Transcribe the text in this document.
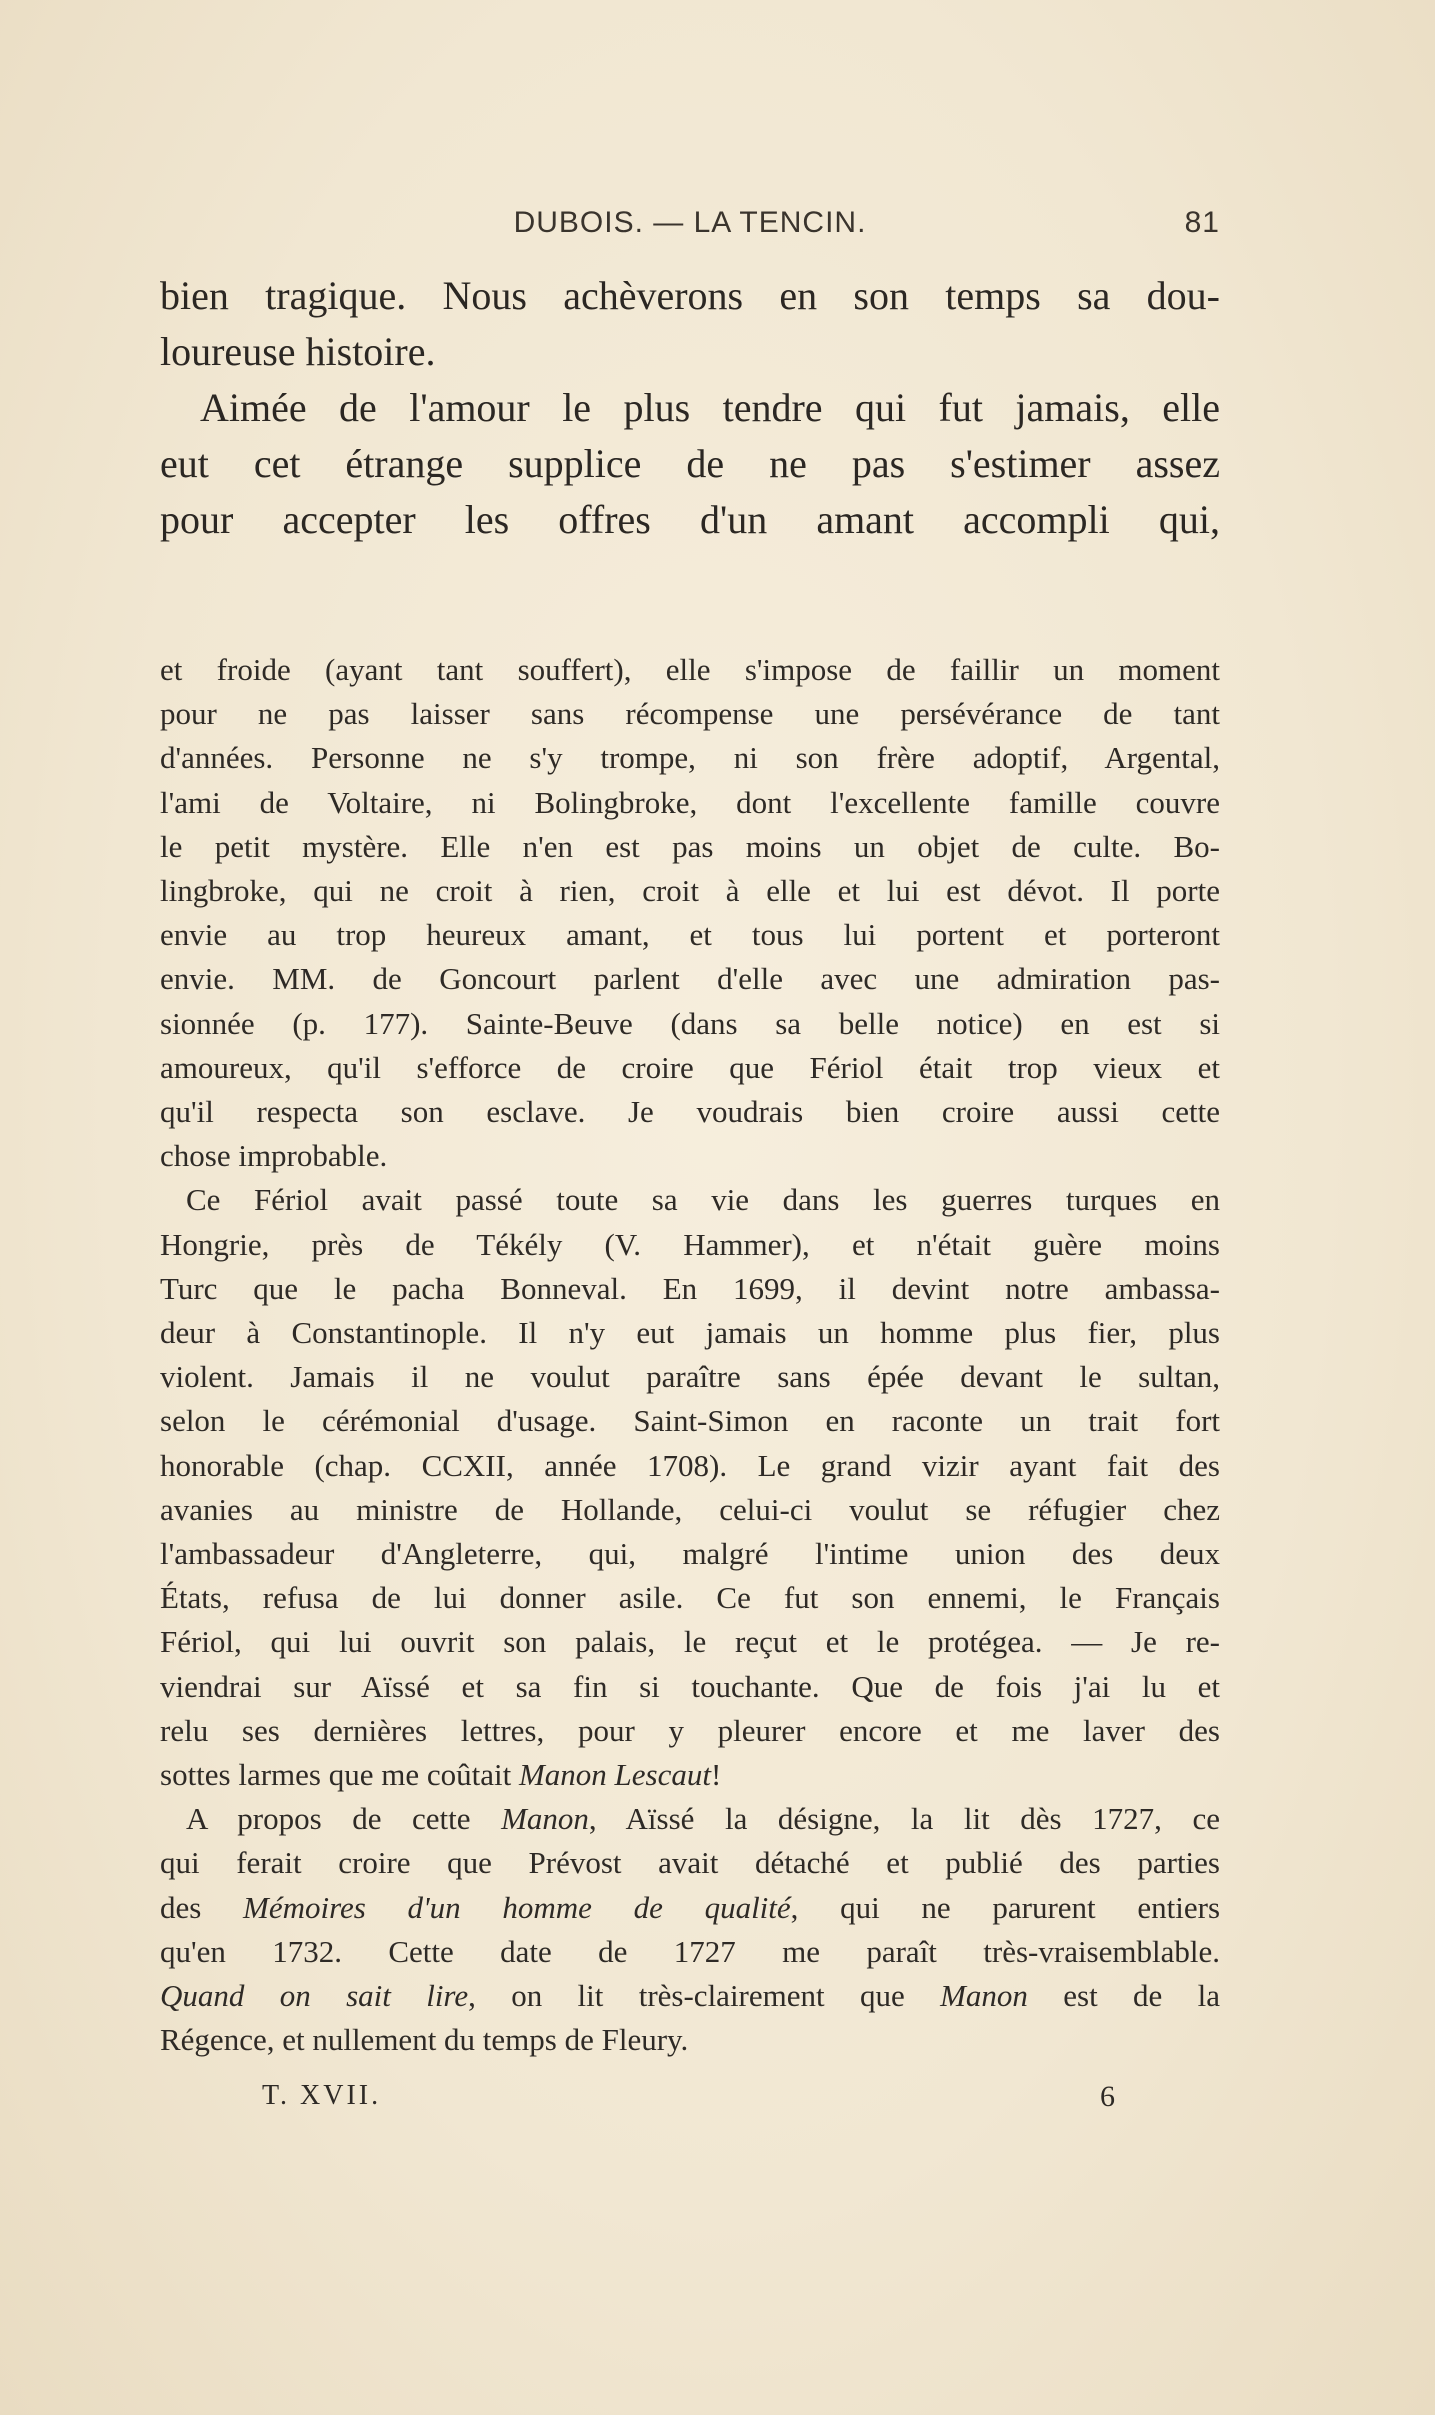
DUBOIS. — LA TENCIN.	81
bien tragique. Nous achèverons en son temps sa dou-
loureuse histoire.
Aimée de l'amour le plus tendre qui fut jamais, elle
eut cet étrange supplice de ne pas s'estimer assez
pour accepter les offres d'un amant accompli qui,
et froide (ayant tant souffert), elle s'impose de faillir un moment
pour ne pas laisser sans récompense une persévérance de tant
d'années. Personne ne s'y trompe, ni son frère adoptif, Argental,
l'ami de Voltaire, ni Bolingbroke, dont l'excellente famille couvre
le petit mystère. Elle n'en est pas moins un objet de culte. Bo-
lingbroke, qui ne croit à rien, croit à elle et lui est dévot. Il porte
envie au trop heureux amant, et tous lui portent et porteront
envie. MM. de Goncourt parlent d'elle avec une admiration pas-
sionnée (p. 177). Sainte-Beuve (dans sa belle notice) en est si
amoureux, qu'il s'efforce de croire que Fériol était trop vieux et
qu'il respecta son esclave. Je voudrais bien croire aussi cette
chose improbable.
Ce Fériol avait passé toute sa vie dans les guerres turques en
Hongrie, près de Tékély (V. Hammer), et n'était guère moins
Turc que le pacha Bonneval. En 1699, il devint notre ambassa-
deur à Constantinople. Il n'y eut jamais un homme plus fier, plus
violent. Jamais il ne voulut paraître sans épée devant le sultan,
selon le cérémonial d'usage. Saint-Simon en raconte un trait fort
honorable (chap. CCXII, année 1708). Le grand vizir ayant fait des
avanies au ministre de Hollande, celui-ci voulut se réfugier chez
l'ambassadeur d'Angleterre, qui, malgré l'intime union des deux
États, refusa de lui donner asile. Ce fut son ennemi, le Français
Fériol, qui lui ouvrit son palais, le reçut et le protégea. — Je re-
viendrai sur Aïssé et sa fin si touchante. Que de fois j'ai lu et
relu ses dernières lettres, pour y pleurer encore et me laver des
sottes larmes que me coûtait Manon Lescaut!
A propos de cette Manon, Aïssé la désigne, la lit dès 1727, ce
qui ferait croire que Prévost avait détaché et publié des parties
des Mémoires d'un homme de qualité, qui ne parurent entiers
qu'en 1732. Cette date de 1727 me paraît très-vraisemblable.
Quand on sait lire, on lit très-clairement que Manon est de la
Régence, et nullement du temps de Fleury.
T. XVII.	6
